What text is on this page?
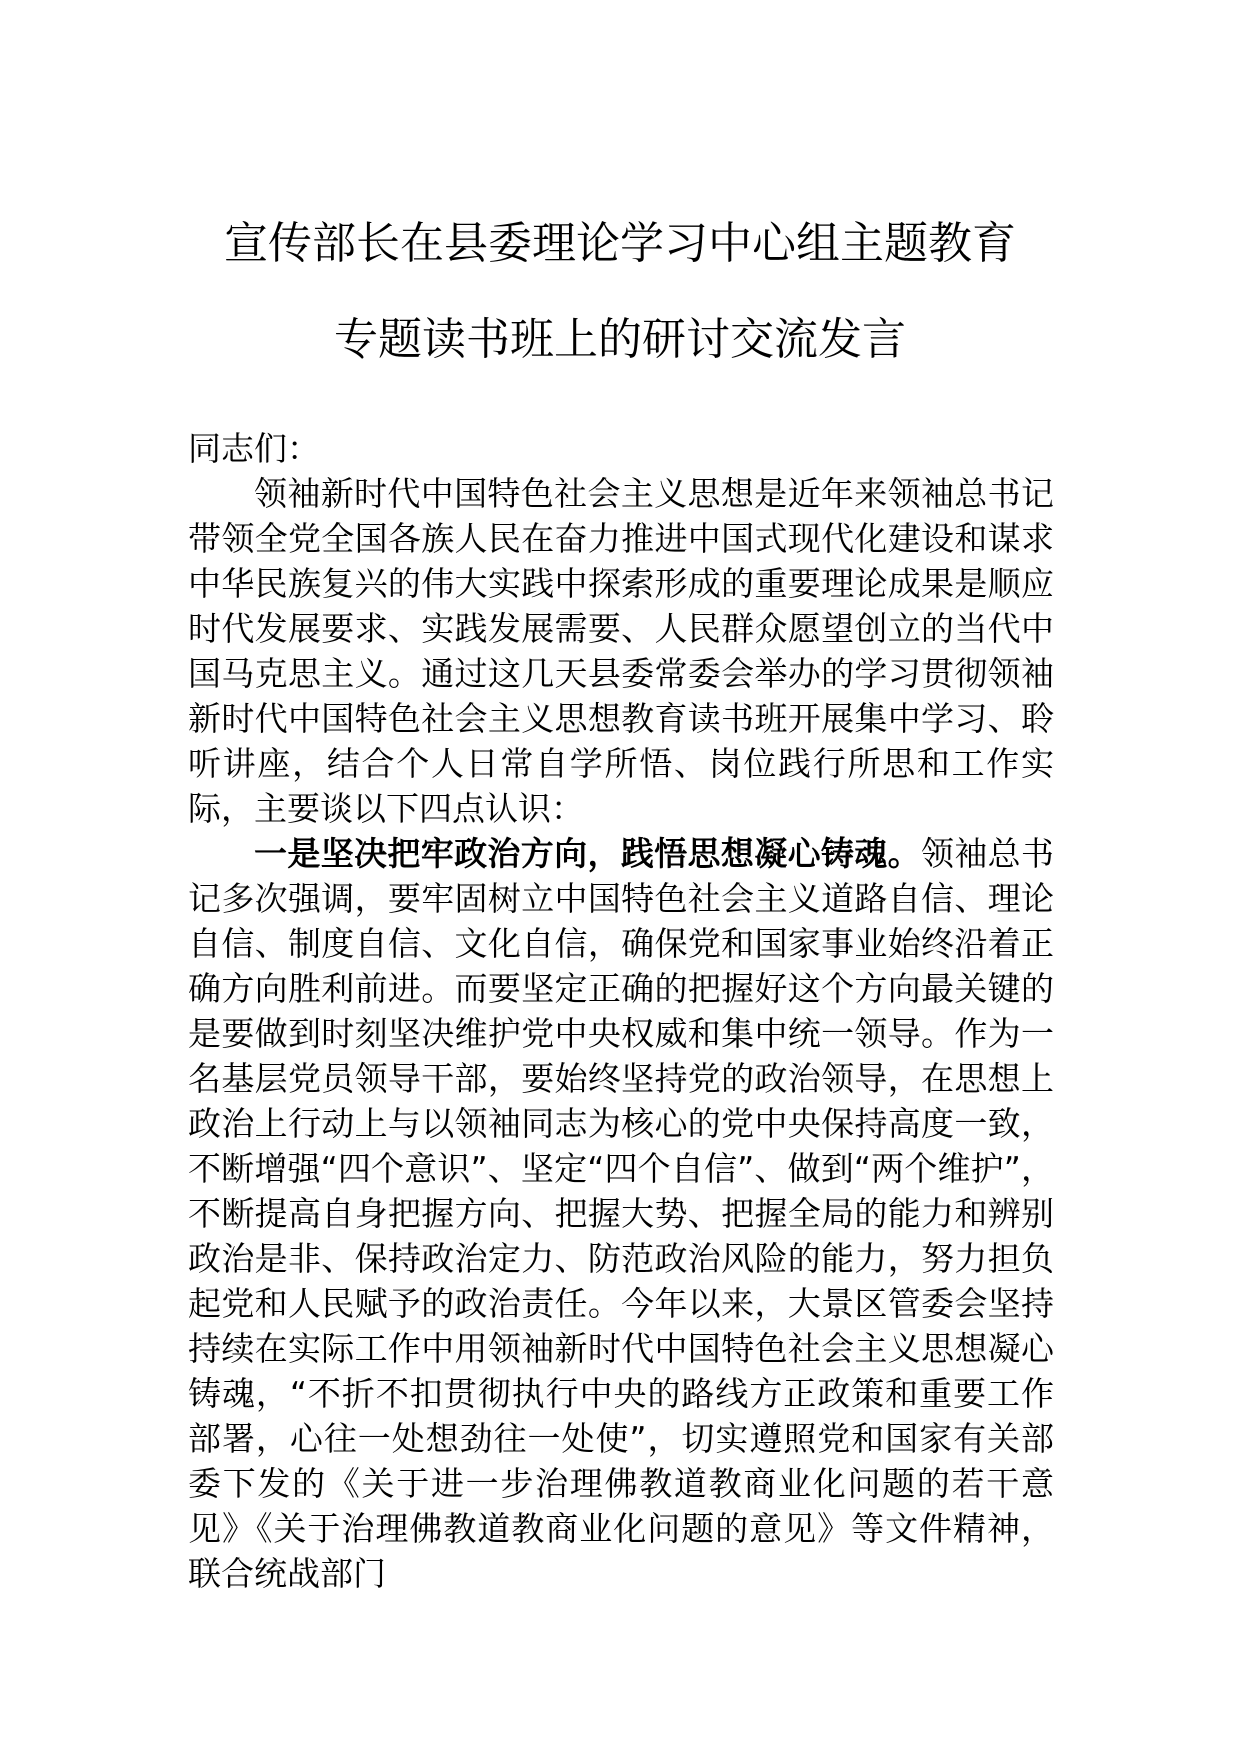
宣传部长在县委理论学习中心组主题教育
专题读书班上的研讨交流发言

同志们：

领袖新时代中国特色社会主义思想是近年来领袖总书记带领全党全国各族人民在奋力推进中国式现代化建设和谋求中华民族复兴的伟大实践中探索形成的重要理论成果是顺应时代发展要求、实践发展需要、人民群众愿望创立的当代中国马克思主义。通过这几天县委常委会举办的学习贯彻领袖新时代中国特色社会主义思想教育读书班开展集中学习、聆听讲座，结合个人日常自学所悟、岗位践行所思和工作实际，主要谈以下四点认识：

一是坚决把牢政治方向，践悟思想凝心铸魂。领袖总书记多次强调，要牢固树立中国特色社会主义道路自信、理论自信、制度自信、文化自信，确保党和国家事业始终沿着正确方向胜利前进。而要坚定正确的把握好这个方向最关键的是要做到时刻坚决维护党中央权威和集中统一领导。作为一名基层党员领导干部，要始终坚持党的政治领导，在思想上政治上行动上与以领袖同志为核心的党中央保持高度一致，不断增强“四个意识”、坚定“四个自信”、做到“两个维护”，不断提高自身把握方向、把握大势、把握全局的能力和辨别政治是非、保持政治定力、防范政治风险的能力，努力担负起党和人民赋予的政治责任。今年以来，大景区管委会坚持持续在实际工作中用领袖新时代中国特色社会主义思想凝心铸魂，“不折不扣贯彻执行中央的路线方正政策和重要工作部署，心往一处想劲往一处使”，切实遵照党和国家有关部委下发的《关于进一步治理佛教道教商业化问题的若干意见》《关于治理佛教道教商业化问题的意见》等文件精神，联合统战部门
